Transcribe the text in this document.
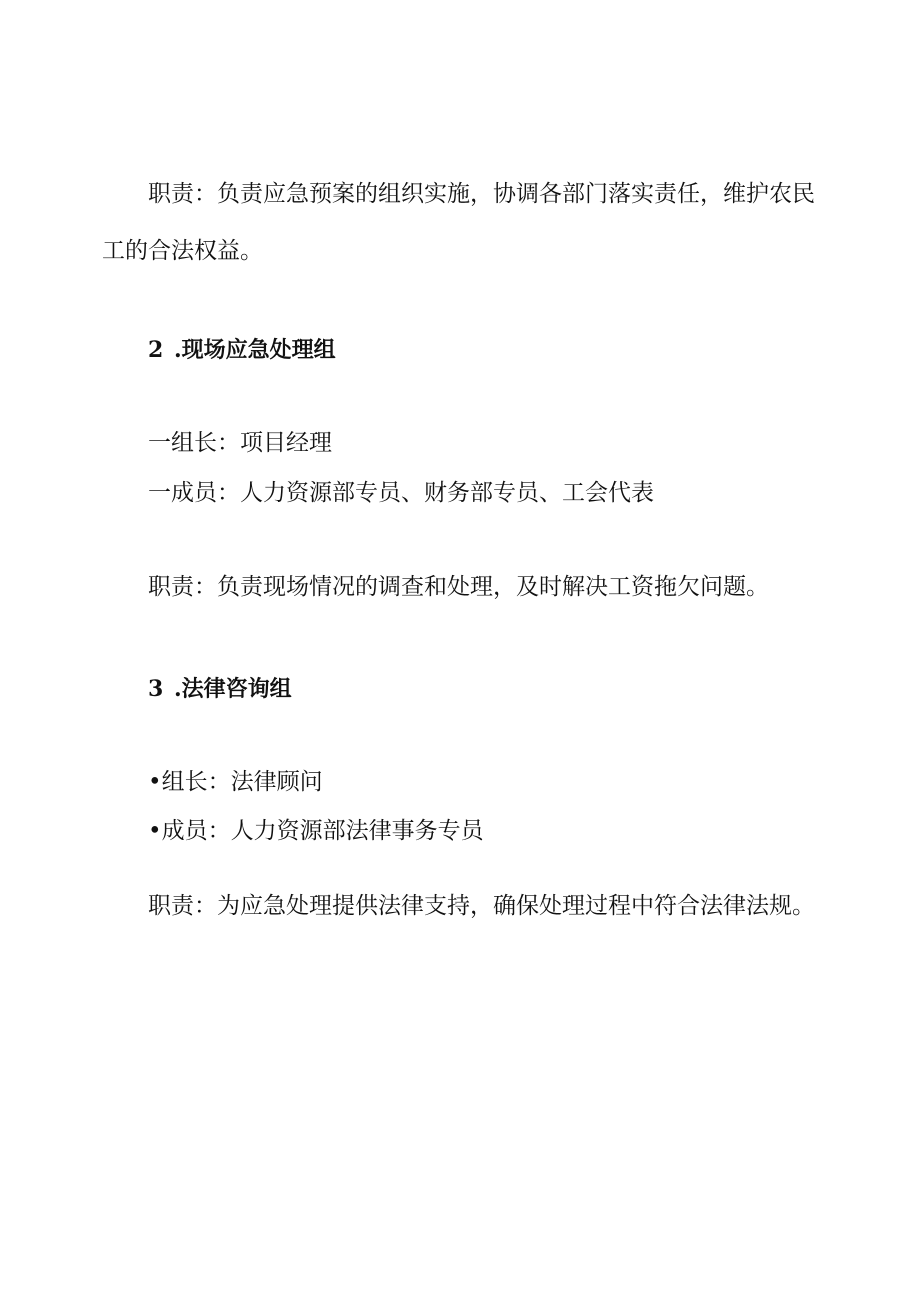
职责：负责应急预案的组织实施，协调各部门落实责任，维护农民工的合法权益。

2 .现场应急处理组

一组长：项目经理

一成员：人力资源部专员、财务部专员、工会代表

职责：负责现场情况的调查和处理，及时解决工资拖欠问题。

3 .法律咨询组

•组长：法律顾问

•成员：人力资源部法律事务专员

职责：为应急处理提供法律支持，确保处理过程中符合法律法规。
